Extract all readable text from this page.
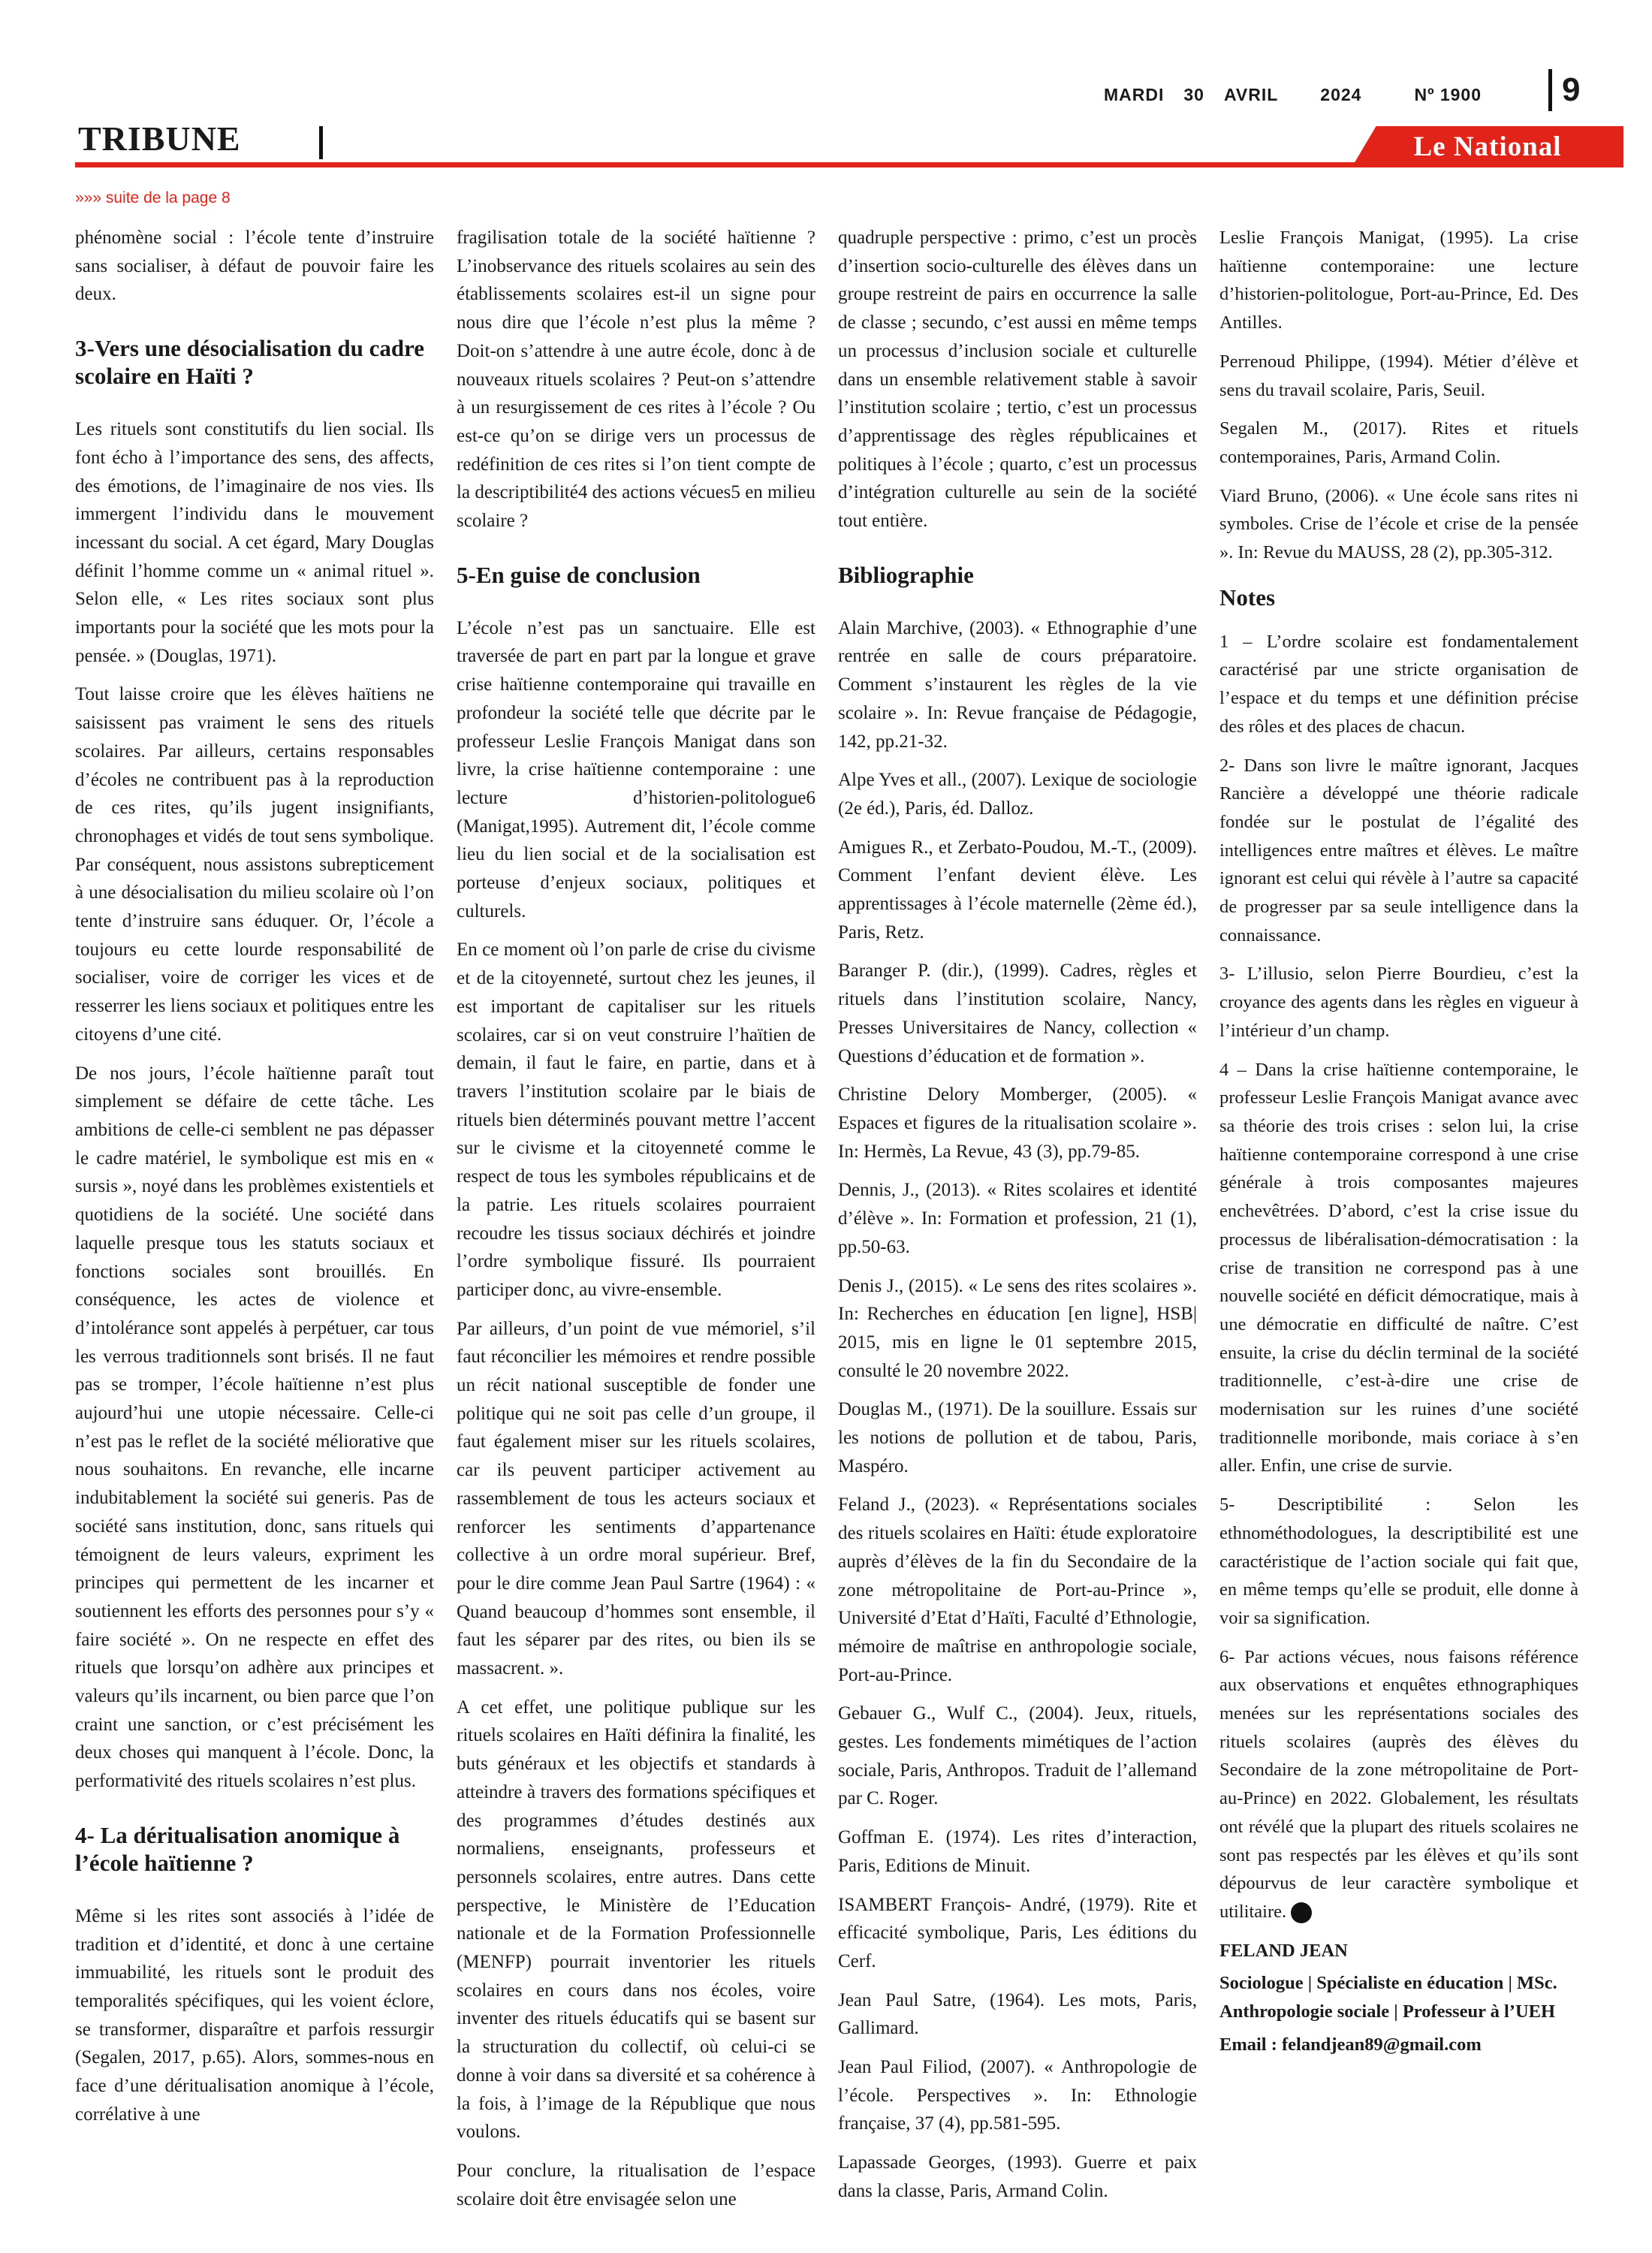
MARDI 30 AVRIL 2024	Nº 1900	9
TRIBUNE	Le National
»»» suite de la page 8

phénomène social : l’école tente d’instruire sans socialiser, à défaut de pouvoir faire les deux.

3-Vers une désocialisation du cadre scolaire en Haïti ?

Les rituels sont constitutifs du lien social. Ils font écho à l’importance des sens, des affects, des émotions, de l’imaginaire de nos vies. Ils immergent l’individu dans le mouvement incessant du social. A cet égard, Mary Douglas définit l’homme comme un « animal rituel ». Selon elle, « Les rites sociaux sont plus importants pour la société que les mots pour la pensée. » (Douglas, 1971).

Tout laisse croire que les élèves haïtiens ne saisissent pas vraiment le sens des rituels scolaires. Par ailleurs, certains responsables d’écoles ne contribuent pas à la reproduction de ces rites, qu’ils jugent insignifiants, chronophages et vidés de tout sens symbolique. Par conséquent, nous assistons subrepticement à une désocialisation du milieu scolaire où l’on tente d’instruire sans éduquer. Or, l’école a toujours eu cette lourde responsabilité de socialiser, voire de corriger les vices et de resserrer les liens sociaux et politiques entre les citoyens d’une cité.

De nos jours, l’école haïtienne paraît tout simplement se défaire de cette tâche. Les ambitions de celle-ci semblent ne pas dépasser le cadre matériel, le symbolique est mis en « sursis », noyé dans les problèmes existentiels et quotidiens de la société. Une société dans laquelle presque tous les statuts sociaux et fonctions sociales sont brouillés. En conséquence, les actes de violence et d’intolérance sont appelés à perpétuer, car tous les verrous traditionnels sont brisés. Il ne faut pas se tromper, l’école haïtienne n’est plus aujourd’hui une utopie nécessaire. Celle-ci n’est pas le reflet de la société méliorative que nous souhaitons. En revanche, elle incarne indubitablement la société sui generis. Pas de société sans institution, donc, sans rituels qui témoignent de leurs valeurs, expriment les principes qui permettent de les incarner et soutiennent les efforts des personnes pour s’y « faire société ». On ne respecte en effet des rituels que lorsqu’on adhère aux principes et valeurs qu’ils incarnent, ou bien parce que l’on craint une sanction, or c’est précisément les deux choses qui manquent à l’école. Donc, la performativité des rituels scolaires n’est plus.

4- La déritualisation anomique à l’école haïtienne ?

Même si les rites sont associés à l’idée de tradition et d’identité, et donc à une certaine immuabilité, les rituels sont le produit des temporalités spécifiques, qui les voient éclore, se transformer, disparaître et parfois ressurgir (Segalen, 2017, p.65). Alors, sommes-nous en face d’une déritualisation anomique à l’école, corrélative à une

fragilisation totale de la société haïtienne ? L’inobservance des rituels scolaires au sein des établissements scolaires est-il un signe pour nous dire que l’école n’est plus la même ? Doit-on s’attendre à une autre école, donc à de nouveaux rituels scolaires ? Peut-on s’attendre à un resurgissement de ces rites à l’école ? Ou est-ce qu’on se dirige vers un processus de redéfinition de ces rites si l’on tient compte de la descriptibilité4 des actions vécues5 en milieu scolaire ?

5-En guise de conclusion

L’école n’est pas un sanctuaire. Elle est traversée de part en part par la longue et grave crise haïtienne contemporaine qui travaille en profondeur la société telle que décrite par le professeur Leslie François Manigat dans son livre, la crise haïtienne contemporaine : une lecture d’historien-politologue6 (Manigat,1995). Autrement dit, l’école comme lieu du lien social et de la socialisation est porteuse d’enjeux sociaux, politiques et culturels.

En ce moment où l’on parle de crise du civisme et de la citoyenneté, surtout chez les jeunes, il est important de capitaliser sur les rituels scolaires, car si on veut construire l’haïtien de demain, il faut le faire, en partie, dans et à travers l’institution scolaire par le biais de rituels bien déterminés pouvant mettre l’accent sur le civisme et la citoyenneté comme le respect de tous les symboles républicains et de la patrie. Les rituels scolaires pourraient recoudre les tissus sociaux déchirés et joindre l’ordre symbolique fissuré. Ils pourraient participer donc, au vivre-ensemble.

Par ailleurs, d’un point de vue mémoriel, s’il faut réconcilier les mémoires et rendre possible un récit national susceptible de fonder une politique qui ne soit pas celle d’un groupe, il faut également miser sur les rituels scolaires, car ils peuvent participer activement au rassemblement de tous les acteurs sociaux et renforcer les sentiments d’appartenance collective à un ordre moral supérieur. Bref, pour le dire comme Jean Paul Sartre (1964) : « Quand beaucoup d’hommes sont ensemble, il faut les séparer par des rites, ou bien ils se massacrent. ».

A cet effet, une politique publique sur les rituels scolaires en Haïti définira la finalité, les buts généraux et les objectifs et standards à atteindre à travers des formations spécifiques et des programmes d’études destinés aux normaliens, enseignants, professeurs et personnels scolaires, entre autres. Dans cette perspective, le Ministère de l’Education nationale et de la Formation Professionnelle (MENFP) pourrait inventorier les rituels scolaires en cours dans nos écoles, voire inventer des rituels éducatifs qui se basent sur la structuration du collectif, où celui-ci se donne à voir dans sa diversité et sa cohérence à la fois, à l’image de la République que nous voulons.

Pour conclure, la ritualisation de l’espace scolaire doit être envisagée selon une

quadruple perspective : primo, c’est un procès d’insertion socio-culturelle des élèves dans un groupe restreint de pairs en occurrence la salle de classe ; secundo, c’est aussi en même temps un processus d’inclusion sociale et culturelle dans un ensemble relativement stable à savoir l’institution scolaire ; tertio, c’est un processus d’apprentissage des règles républicaines et politiques à l’école ; quarto, c’est un processus d’intégration culturelle au sein de la société tout entière.

Bibliographie

Alain Marchive, (2003). « Ethnographie d’une rentrée en salle de cours préparatoire. Comment s’instaurent les règles de la vie scolaire ». In: Revue française de Pédagogie, 142, pp.21-32.

Alpe Yves et all., (2007). Lexique de sociologie (2e éd.), Paris, éd. Dalloz.

Amigues R., et Zerbato-Poudou, M.-T., (2009). Comment l’enfant devient élève. Les apprentissages à l’école maternelle (2ème éd.), Paris, Retz.

Baranger P. (dir.), (1999). Cadres, règles et rituels dans l’institution scolaire, Nancy, Presses Universitaires de Nancy, collection « Questions d’éducation et de formation ».

Christine Delory Momberger, (2005). « Espaces et figures de la ritualisation scolaire ». In: Hermès, La Revue, 43 (3), pp.79-85.

Dennis, J., (2013). « Rites scolaires et identité d’élève ». In: Formation et profession, 21 (1), pp.50-63.

Denis J., (2015). « Le sens des rites scolaires ». In: Recherches en éducation [en ligne], HSB| 2015, mis en ligne le 01 septembre 2015, consulté le 20 novembre 2022.

Douglas M., (1971). De la souillure. Essais sur les notions de pollution et de tabou, Paris, Maspéro.

Feland J., (2023). « Représentations sociales des rituels scolaires en Haïti: étude exploratoire auprès d’élèves de la fin du Secondaire de la zone métropolitaine de Port-au-Prince », Université d’Etat d’Haïti, Faculté d’Ethnologie, mémoire de maîtrise en anthropologie sociale, Port-au-Prince.

Gebauer G., Wulf C., (2004). Jeux, rituels, gestes. Les fondements mimétiques de l’action sociale, Paris, Anthropos. Traduit de l’allemand par C. Roger.

Goffman E. (1974). Les rites d’interaction, Paris, Editions de Minuit.

ISAMBERT François- André, (1979). Rite et efficacité symbolique, Paris, Les éditions du Cerf.

Jean Paul Satre, (1964). Les mots, Paris, Gallimard.

Jean Paul Filiod, (2007). « Anthropologie de l’école. Perspectives ». In: Ethnologie française, 37 (4), pp.581-595.

Lapassade Georges, (1993). Guerre et paix dans la classe, Paris, Armand Colin.

Leslie François Manigat, (1995). La crise haïtienne contemporaine: une lecture d’historien-politologue, Port-au-Prince, Ed. Des Antilles.

Perrenoud Philippe, (1994). Métier d’élève et sens du travail scolaire, Paris, Seuil.

Segalen M., (2017). Rites et rituels contemporaines, Paris, Armand Colin.

Viard Bruno, (2006). « Une école sans rites ni symboles. Crise de l’école et crise de la pensée ». In: Revue du MAUSS, 28 (2), pp.305-312.

Notes

1 – L’ordre scolaire est fondamentalement caractérisé par une stricte organisation de l’espace et du temps et une définition précise des rôles et des places de chacun.

2- Dans son livre le maître ignorant, Jacques Rancière a développé une théorie radicale fondée sur le postulat de l’égalité des intelligences entre maîtres et élèves. Le maître ignorant est celui qui révèle à l’autre sa capacité de progresser par sa seule intelligence dans la connaissance.

3- L’illusio, selon Pierre Bourdieu, c’est la croyance des agents dans les règles en vigueur à l’intérieur d’un champ.

4 – Dans la crise haïtienne contemporaine, le professeur Leslie François Manigat avance avec sa théorie des trois crises : selon lui, la crise haïtienne contemporaine correspond à une crise générale à trois composantes majeures enchevêtrées. D’abord, c’est la crise issue du processus de libéralisation-démocratisation : la crise de transition ne correspond pas à une nouvelle société en déficit démocratique, mais à une démocratie en difficulté de naître. C’est ensuite, la crise du déclin terminal de la société traditionnelle, c’est-à-dire une crise de modernisation sur les ruines d’une société traditionnelle moribonde, mais coriace à s’en aller. Enfin, une crise de survie.

5- Descriptibilité : Selon les ethnométhodologues, la descriptibilité est une caractéristique de l’action sociale qui fait que, en même temps qu’elle se produit, elle donne à voir sa signification.

6- Par actions vécues, nous faisons référence aux observations et enquêtes ethnographiques menées sur les représentations sociales des rituels scolaires (auprès des élèves du Secondaire de la zone métropolitaine de Port-au-Prince) en 2022. Globalement, les résultats ont révélé que la plupart des rituels scolaires ne sont pas respectés par les élèves et qu’ils sont dépourvus de leur caractère symbolique et utilitaire.

FELAND JEAN

Sociologue | Spécialiste en éducation | MSc. Anthropologie sociale | Professeur à l’UEH

Email : felandjean89@gmail.com
